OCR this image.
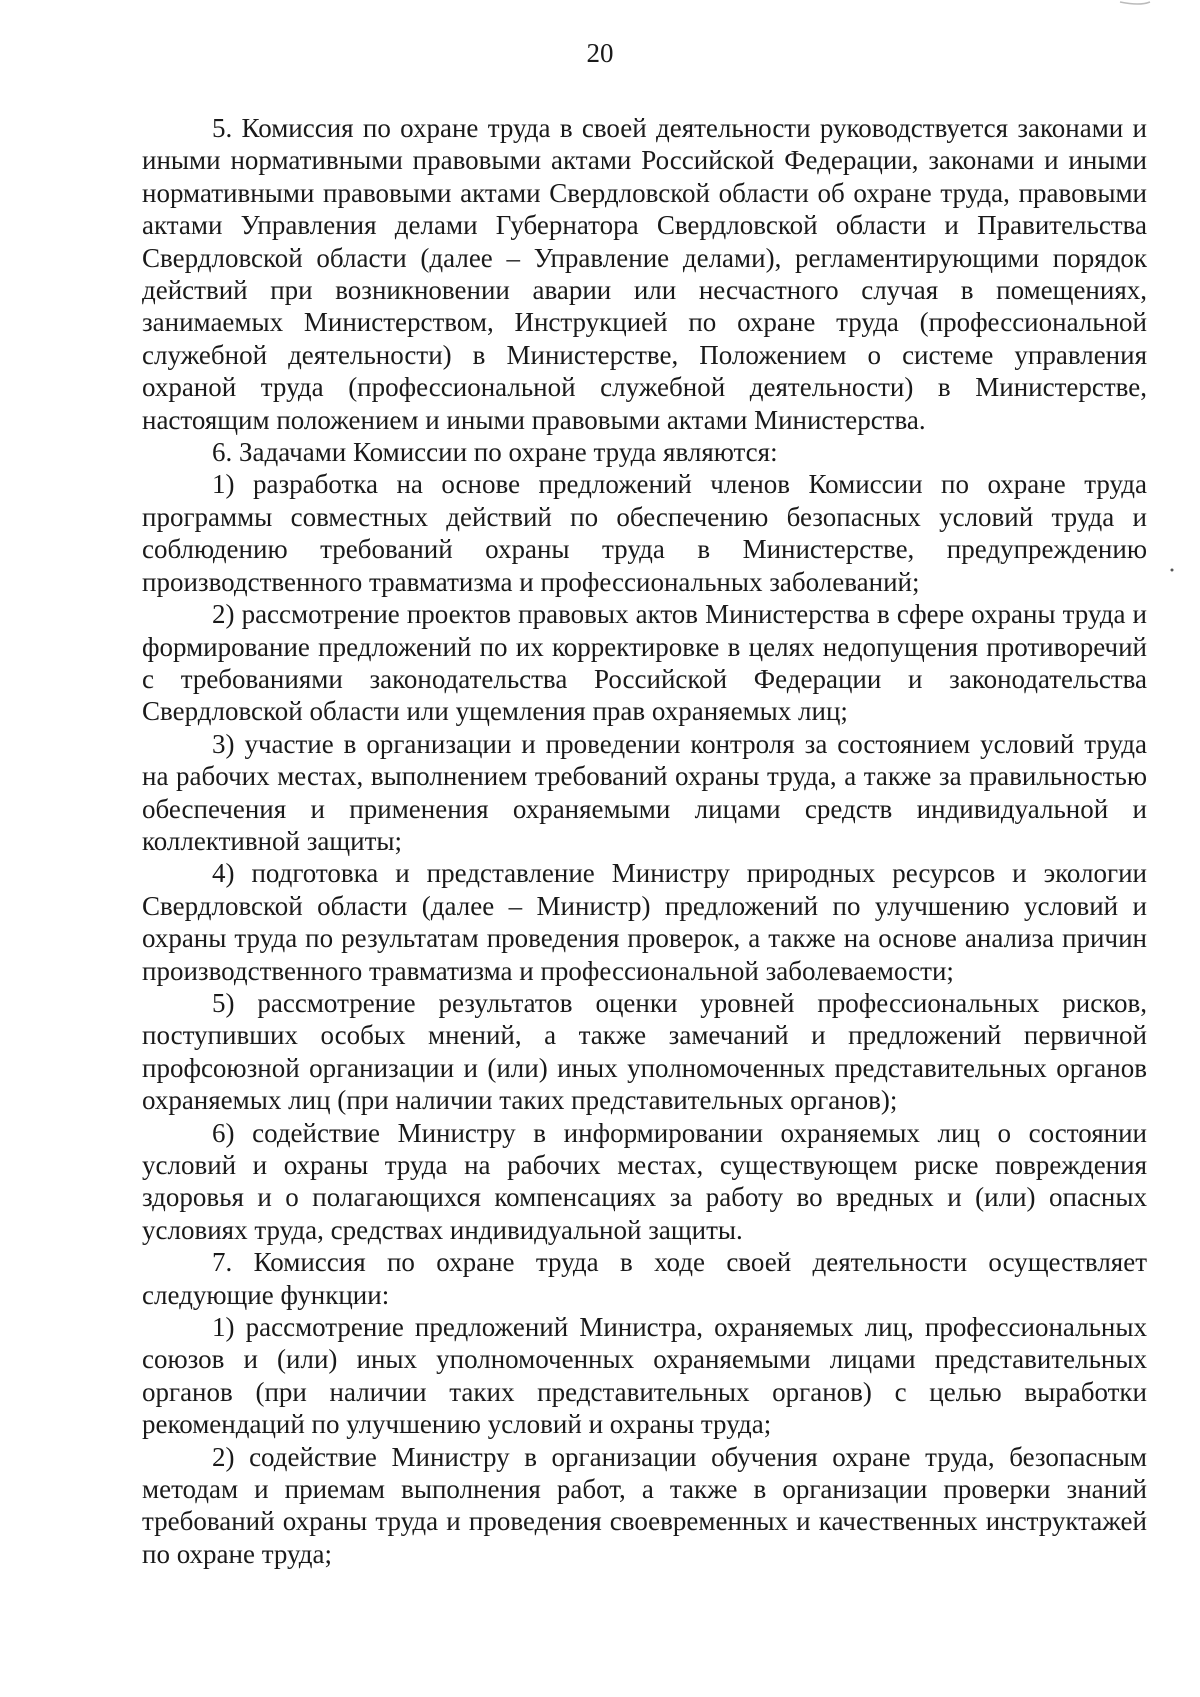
20

5. Комиссия по охране труда в своей деятельности руководствуется законами и иными нормативными правовыми актами Российской Федерации, законами и иными нормативными правовыми актами Свердловской области об охране труда, правовыми актами Управления делами Губернатора Свердловской области и Правительства Свердловской области (далее – Управление делами), регламентирующими порядок действий при возникновении аварии или несчастного случая в помещениях, занимаемых Министерством, Инструкцией по охране труда (профессиональной служебной деятельности) в Министерстве, Положением о системе управления охраной труда (профессиональной служебной деятельности) в Министерстве, настоящим положением и иными правовыми актами Министерства.

6. Задачами Комиссии по охране труда являются:

1) разработка на основе предложений членов Комиссии по охране труда программы совместных действий по обеспечению безопасных условий труда и соблюдению требований охраны труда в Министерстве, предупреждению производственного травматизма и профессиональных заболеваний;

2) рассмотрение проектов правовых актов Министерства в сфере охраны труда и формирование предложений по их корректировке в целях недопущения противоречий с требованиями законодательства Российской Федерации и законодательства Свердловской области или ущемления прав охраняемых лиц;

3) участие в организации и проведении контроля за состоянием условий труда на рабочих местах, выполнением требований охраны труда, а также за правильностью обеспечения и применения охраняемыми лицами средств индивидуальной и коллективной защиты;

4) подготовка и представление Министру природных ресурсов и экологии Свердловской области (далее – Министр) предложений по улучшению условий и охраны труда по результатам проведения проверок, а также на основе анализа причин производственного травматизма и профессиональной заболеваемости;

5) рассмотрение результатов оценки уровней профессиональных рисков, поступивших особых мнений, а также замечаний и предложений первичной профсоюзной организации и (или) иных уполномоченных представительных органов охраняемых лиц (при наличии таких представительных органов);

6) содействие Министру в информировании охраняемых лиц о состоянии условий и охраны труда на рабочих местах, существующем риске повреждения здоровья и о полагающихся компенсациях за работу во вредных и (или) опасных условиях труда, средствах индивидуальной защиты.

7. Комиссия по охране труда в ходе своей деятельности осуществляет следующие функции:

1) рассмотрение предложений Министра, охраняемых лиц, профессиональных союзов и (или) иных уполномоченных охраняемыми лицами представительных органов (при наличии таких представительных органов) с целью выработки рекомендаций по улучшению условий и охраны труда;

2) содействие Министру в организации обучения охране труда, безопасным методам и приемам выполнения работ, а также в организации проверки знаний требований охраны труда и проведения своевременных и качественных инструктажей по охране труда;
